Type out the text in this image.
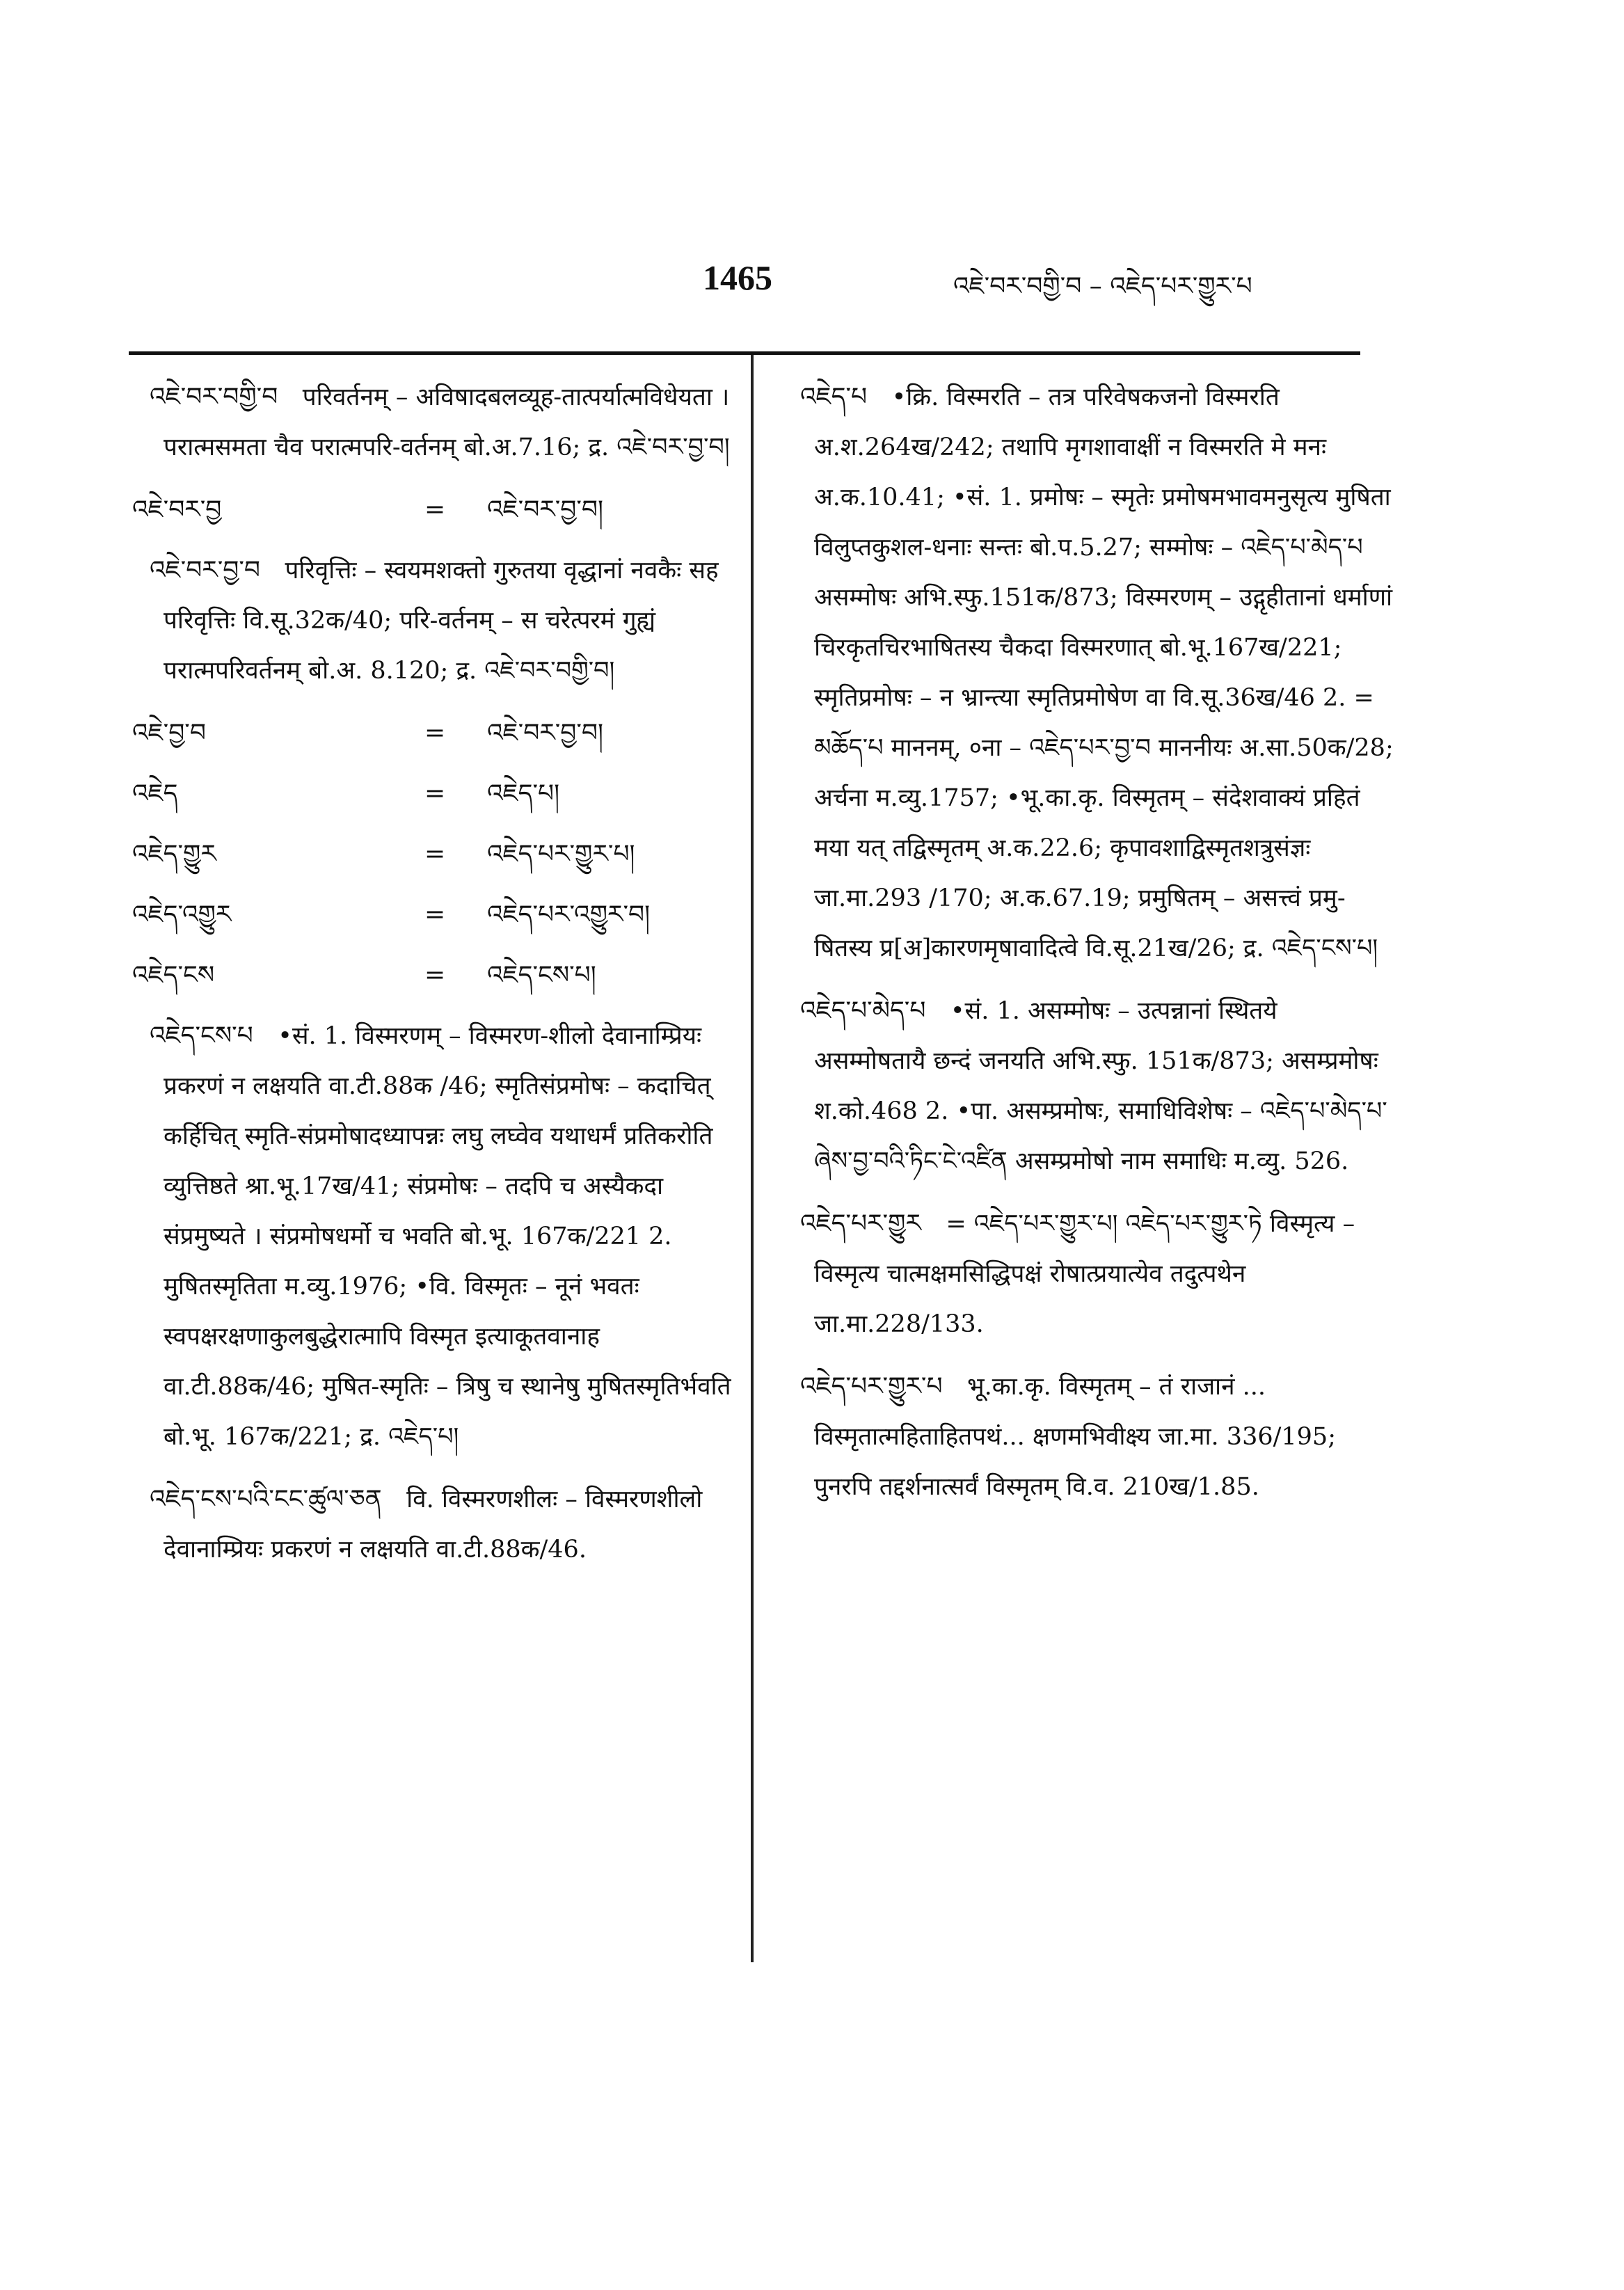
1465	འཇེ་བར་བགྱི་བ – འཇེད་པར་གྱུར་པ
འཇེ་བར་བགྱི་བ परिवर्तनम् – अविषादबलव्यूह-तात्पर्यात्मविधेयता । परात्मसमता चैव परात्मपरि-वर्तनम् बो.अ.7.16; द्र. འཇེ་བར་བྱ་བ།
འཇེ་བར་བྱ	=	འཇེ་བར་བྱ་བ།
འཇེ་བར་བྱ་བ परिवृत्तिः – स्वयमशक्तो गुरुतया वृद्धानां नवकैः सह परिवृत्तिः वि.सू.32क/40; परि-वर्तनम् – स चरेत्परमं गुह्यं परात्मपरिवर्तनम् बो.अ. 8.120; द्र. འཇེ་བར་བགྱི་བ།
འཇེ་བྱ་བ	=	འཇེ་བར་བྱ་བ།
འཇེད	=	འཇེད་པ།
འཇེད་གྱུར	=	འཇེད་པར་གྱུར་པ།
འཇེད་འགྱུར	=	འཇེད་པར་འགྱུར་བ།
འཇེད་ངས	=	འཇེད་ངས་པ།
འཇེད་ངས་པ •सं. 1. विस्मरणम् – विस्मरण-शीलो देवानाम्प्रियः प्रकरणं न लक्षयति वा.टी.88क /46; स्मृतिसंप्रमोषः – कदाचित् कर्हिचित् स्मृति-संप्रमोषादध्यापन्नः लघु लघ्वेव यथाधर्मं प्रतिकरोति व्युत्तिष्ठते श्रा.भू.17ख/41; संप्रमोषः – तदपि च अस्यैकदा संप्रमुष्यते । संप्रमोषधर्मो च भवति बो.भू. 167क/221 2. मुषितस्मृतिता म.व्यु.1976; •वि. विस्मृतः – नूनं भवतः स्वपक्षरक्षणाकुलबुद्धेरात्मापि विस्मृत इत्याकूतवानाह वा.टी.88क/46; मुषित-स्मृतिः – त्रिषु च स्थानेषु मुषितस्मृतिर्भवति बो.भू. 167क/221; द्र. འཇེད་པ།
འཇེད་ངས་པའི་ངང་ཚུལ་ཅན वि. विस्मरणशीलः – विस्मरणशीलो देवानाम्प्रियः प्रकरणं न लक्षयति वा.टी.88क/46.
འཇེད་པ •क्रि. विस्मरति – तत्र परिवेषकजनो विस्मरति अ.श.264ख/242; तथापि मृगशावाक्षीं न विस्मरति मे मनः अ.क.10.41; •सं. 1. प्रमोषः – स्मृतेः प्रमोषमभावमनुसृत्य मुषिता विलुप्तकुशल-धनाः सन्तः बो.प.5.27; सम्मोषः – འཇེད་པ་མེད་པ असम्मोषः अभि.स्फु.151क/873; विस्मरणम् – उद्गृहीतानां धर्माणां चिरकृतचिरभाषितस्य चैकदा विस्मरणात् बो.भू.167ख/221; स्मृतिप्रमोषः – न भ्रान्त्या स्मृतिप्रमोषेण वा वि.सू.36ख/46 2. = མཆོད་པ माननम्, ०ना – འཇེད་པར་བྱ་བ माननीयः अ.सा.50क/28; अर्चना म.व्यु.1757; •भू.का.कृ. विस्मृतम् – संदेशवाक्यं प्रहितं मया यत् तद्विस्मृतम् अ.क.22.6; कृपावशाद्विस्मृतशत्रुसंज्ञः जा.मा.293 /170; अ.क.67.19; प्रमुषितम् – असत्त्वं प्रमु-षितस्य प्र[अ]कारणमृषावादित्वे वि.सू.21ख/26; द्र. འཇེད་ངས་པ།
འཇེད་པ་མེད་པ •सं. 1. असम्मोषः – उत्पन्नानां स्थितये असम्मोषतायै छन्दं जनयति अभि.स्फु. 151क/873; असम्प्रमोषः श.को.468 2. •पा. असम्प्रमोषः, समाधिविशेषः – འཇེད་པ་མེད་པ་ཞེས་བྱ་བའི་ཏིང་ངེ་འཛིན असम्प्रमोषो नाम समाधिः म.व्यु. 526.
འཇེད་པར་གྱུར = འཇེད་པར་གྱུར་པ། འཇེད་པར་གྱུར་ཏེ विस्मृत्य – विस्मृत्य चात्मक्षमसिद्धिपक्षं रोषात्प्रयात्येव तदुत्पथेन जा.मा.228/133.
འཇེད་པར་གྱུར་པ भू.का.कृ. विस्मृतम् – तं राजानं ... विस्मृतात्महिताहितपथं... क्षणमभिवीक्ष्य जा.मा. 336/195; पुनरपि तद्दर्शनात्सर्वं विस्मृतम् वि.व. 210ख/1.85.
